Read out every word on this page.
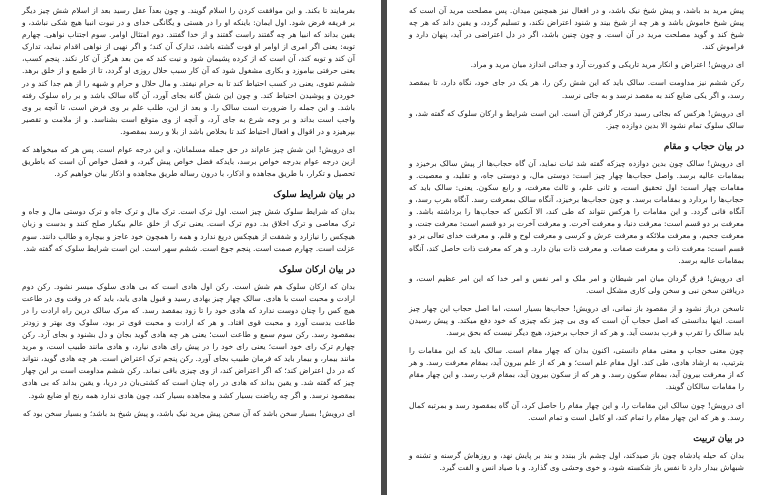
بفرمایند تا بکند. و این موافقت کردن را اسلام گویند. و چون بعدآ عقل رسید بعد از اسلام شش چیز دیگر بر فریقه فرض شود. اول ایمان: باینکه او را در هستی و یگانگی خدای و در نبوت انبیا هیچ شکی نباشد، و یقین بداند که انبیا هر چه گفتند راست گفتند و از خدا گفتند. دوم امتثال اوامر. سوم اجتناب نواهی. چهارم توبه: یعنی اگر امری از اوامر او فوت گشته باشد، تدارک آن کند؛ و اگر نهیی از نواهی اقدام نماید، تدارک آن کند و توبه کند، آن است که از کرده پشیمان شود و نیت کند که من بعد هرگز آن کار نکند. پنجم کسب، یعنی حرفتی بیاموزد و بکاری مشغول شود که آن کار سبب حلال روزی او گردد، تا از طمع و از خلق برهد. ششم تقوی، یعنی در کسب احتیاط کند تا به حرام نیفتد. و مال حلال و حرام و شبهه را از هم جدا کند و در خوردن و پوشیدن احتیاط کند. و چون این شش گانه بجای آورد، آن گاه سالک باشد و بر راه سلوک رفته باشد. و این جمله را ضرورت است سالک را. و بعد از این، طلب علم بر وی فرض است، تا آنچه بر وی واجب است بداند و بر وجه شرع به جای آرد، و آنچه از وی متوقع است بشناسد. و از ملامت و تقصیر بپرهیزد و در اقوال و افعال احتیاط کند تا بخلاص باشد از بلا و رسد بمقصود.

ای درویش! این شش چیز عام‌اند در حق جمله مسلمانان، و این درجه عوام است. پس هر که میخواهد که ازین درجه عوام بدرجه خواص برسد، بایدکه فضل خواص پیش گیرد، و فضل خواص آن است که باطریق تحصیل و تکرار، با طریق مجاهده و اذکار، با درون رساله طریق مجاهده و اذکار بیان خواهیم کرد.

در بیان شرایط سلوک

بدان که شرایط سلوک شش چیز است. اول ترک است. ترک مال و ترک جاه و ترک دوستی مال و جاه و ترک معاصی و ترک اخلاق بد. دوم ترک است. یعنی ترک از خلق عالم بیکبار صلح کنند و بدست و زبان هیچکس را نیازارد و شفقت از هیچکس دریغ ندارد و همه را همچون خود عاجز و بیچاره و طالب دانند. سوم عزلت است. چهارم صمت است. پنجم جوع است. ششم سهر است. این است شرایط سلوک که گفته شد.

در بیان ارکان سلوک

بدان که ارکان سلوک هم شش است. رکن اول هادی است که بی هادی سلوک میسر نشود. رکن دوم ارادت و محبت است با هادی. سالک چهار چیز بهادی رسید و قبول هادی یابد، باید که در وقت وی در طاعت هیچ کس را چنان دوست ندارد که هادی خود را تا زود بمقصد رسد. که مرک سالک درین راه ارادت را در طاعت بدست آورد و محبت قوی افتاد. و هر که ارادت و محبت قوی تر بود، سلوک وی بهتر و زودتر بمقصود رسد. رکن سوم سمع و طاعت است؛ یعنی هر چه هادی گوید بجان و دل بشنود و بجای آرد. رکن چهارم ترک رای خود است؛ یعنی رای خود را در پیش رای هادی نیارد، و هادی مانند طبیب است، و مرید مانند بیمار، و بیمار باید که فرمان طبیب بجای آورد. رکن پنجم ترک اعتراض است. هر چه هادی گوید، نتواند که در دل اعتراض کند؛ که اگر اعتراض کند، از وی چیزی باقی نماند. رکن ششم مداومت است بر این چهار چیز که گفته شد. و یقین بداند که هادی در راه چنان است که کشتی‌بان در دریا، و یقین بداند که بی هادی بمقصود نرسد. و اگر چه ریاضت بسیار کشد و مجاهده بسیار کند، چون هادی ندارد همه رنج او ضایع شود.

ای درویش! بسیار سخن باشد که آن سخن پیش مرید نیک باشد، و پیش شیخ بد باشد؛ و بسیار سخن بود که

پیش مرید بد باشد، و پیش شیخ نیک باشد، و در افعال نیز همچنین میدان. پس مصلحت مرید آن است که پیش شیخ خاموش باشد و هر چه از شیخ بیند و شنود اعتراض نکند، و تسلیم گردد، و یقین داند که هر چه شیخ کند و گوید مصلحت مرید در آن است. و چون چنین باشد، اگر در دل اعتراضی در آید، پنهان دارد و فراموش کند.

ای درویش! اعتراض و انکار مرید تاریکی و کدورت آرد و جدائی اندازد میان مرید و مراد.

رکن ششم نیز مداومت است. سالک باید که این شش رکن را، هر یک در جای خود، نگاه دارد، تا بمقصد رسد، و اگر یکی ضایع کند به مقصد نرسد و به جائی نرسد.

ای درویش! هرکس که بجائی رسید درکار گرفتن آن است. این است شرایط و ارکان سلوک که گفته شد، و سالک سلوک تمام نشود الا بدین دوازده چیز.

در بیان حجاب و مقام

ای درویش! سالک چون بدین دوازده چیزکه گفته شد ثبات نماید، آن گاه حجاب‌ها از پیش سالک برخیزد و بمقامات عالیه برسد. واصل حجاب‌ها چهار چیز است: دوستی مال، و دوستی جاه، و تقلید، و معصیت. و مقامات چهار است: اول تحقیق است، و ثانی علم، و ثالث معرفت، و رابع سکون. یعنی: سالک باید که حجاب‌ها را بردارد و بمقامات برسد. و چون حجاب‌ها برخیزد، آنگاه سالک بمعرفت رسد. آنگاه بقرب رسد، و آنگاه فانی گردد. و این مقامات را هرکس نتواند که طی کند، الا آنکس که حجاب‌ها را برداشته باشد. و معرفت بر دو قسم است: معرفت دنیا، و معرفت آخرت. و معرفت آخرت بر دو قسم است: معرفت جنت، و معرفت جحیم، و معرفت ملائکه و معرفت عرش و کرسی و معرفت لوح و قلم. و معرفت خدای تعالی بر دو قسم است: معرفت ذات و معرفت صفات. و معرفت ذات بیان دارد. و هر که معرفت ذات حاصل کند، آنگاه بمقامات عالیه برسد.

ای درویش! فرق گردان میان امر شیطان و امر ملک و امر نفس و امر خدا که این امر عظیم است، و دریافتن سخن نبی و سخن ولی کاری مشکل است.

تاسخن درباز نشود و از مقصود باز نمانی، ای درویش! حجاب‌ها بسیار است، اما اصل حجاب این چهار چیز است. اینها بدانستی که اصل حجاب آن است که وی بی چیز نکه چیزی که خود دفع میکند. و پیش رسیدن باید سالک را تقرب و قرب بدست آید. و هر که از حجاب برخیزد، هیچ دیگر نیست که بحق برسد.

چون معنی حجاب و معنی مقام دانستی، اکنون بدان که چهار مقام است. سالک باید که این مقامات را بترتیب، به ارشاد هادی، طی کند. اول مقام علم است؛ و هر که از علم بیرون آید، بمقام معرفت رسد. و هر که از معرفت بیرون آید، بمقام سکون رسد. و هر که از سکون بیرون آید، بمقام قرب رسد. و این چهار مقام را مقامات سالکان گویند.

ای درویش! چون سالک این مقامات را، و این چهار مقام را حاصل کرد، آن گاه بمقصود رسد و بمرتبه کمال رسد. و هر که این چهار مقام را تمام کند، او کامل است و تمام است.

در بیان تربیت

بدان که حیله پادشاه چون باز صیدکند، اول چشم باز ببندد و بند بر پایش نهد، و روزهاش گرسنه و تشنه و شبهاش بیدار دارد تا نفس باز شکسته شود، و خوی وحشی وی گذارد. و با صیاد انس و الفت گیرد.
